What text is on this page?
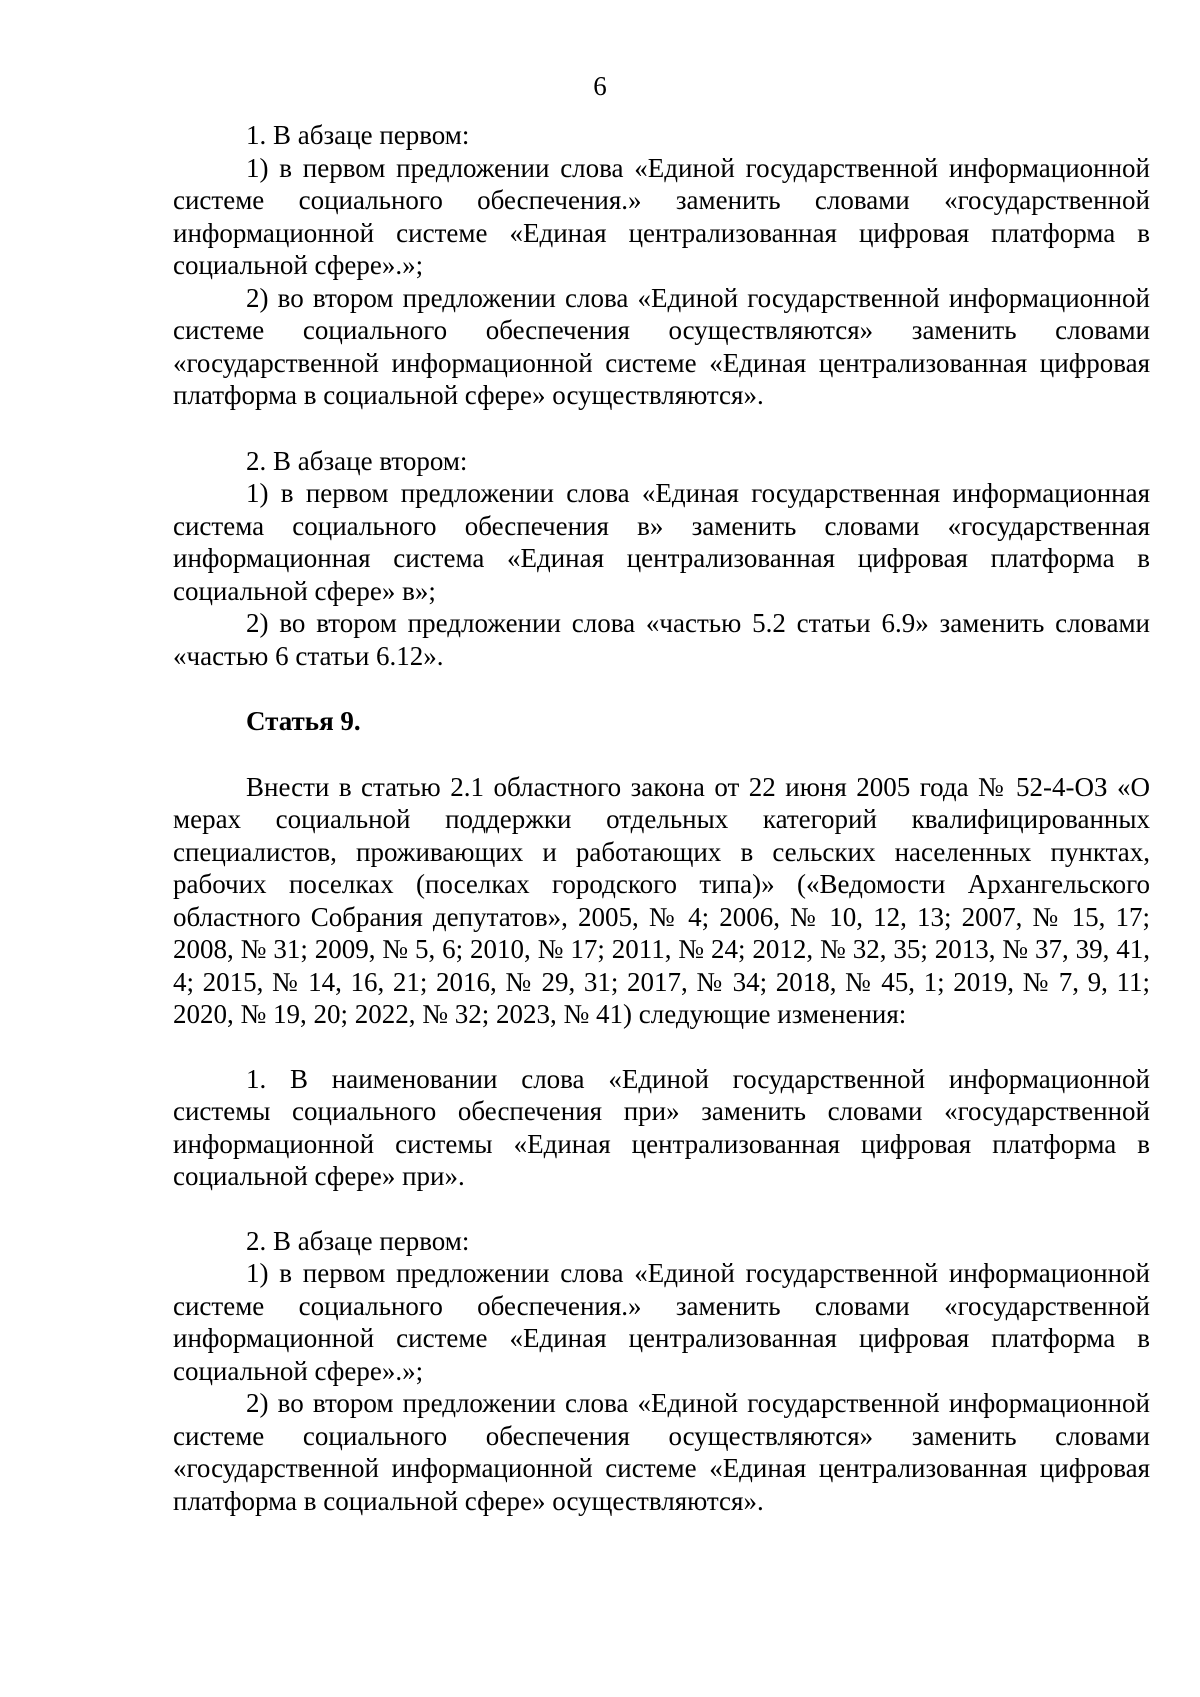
6

1. В абзаце первом:

1) в первом предложении слова «Единой государственной информационной системе социального обеспечения.» заменить словами «государственной информационной системе «Единая централизованная цифровая платформа в социальной сфере».»;

2) во втором предложении слова «Единой государственной информационной системе социального обеспечения осуществляются» заменить словами «государственной информационной системе «Единая централизованная цифровая платформа в социальной сфере» осуществляются».

2. В абзаце втором:

1) в первом предложении слова «Единая государственная информационная система социального обеспечения в» заменить словами «государственная информационная система «Единая централизованная цифровая платформа в социальной сфере» в»;

2) во втором предложении слова «частью 5.2 статьи 6.9» заменить словами «частью 6 статьи 6.12».

Статья 9.

Внести в статью 2.1 областного закона от 22 июня 2005 года № 52-4-ОЗ «О мерах социальной поддержки отдельных категорий квалифицированных специалистов, проживающих и работающих в сельских населенных пунктах, рабочих поселках (поселках городского типа)» («Ведомости Архангельского областного Собрания депутатов», 2005, № 4; 2006, № 10, 12, 13; 2007, № 15, 17; 2008, № 31; 2009, № 5, 6; 2010, № 17; 2011, № 24; 2012, № 32, 35; 2013, № 37, 39, 41, 4; 2015, № 14, 16, 21; 2016, № 29, 31; 2017, № 34; 2018, № 45, 1; 2019, № 7, 9, 11; 2020, № 19, 20; 2022, № 32; 2023, № 41) следующие изменения:

1. В наименовании слова «Единой государственной информационной системы социального обеспечения при» заменить словами «государственной информационной системы «Единая централизованная цифровая платформа в социальной сфере» при».

2. В абзаце первом:

1) в первом предложении слова «Единой государственной информационной системе социального обеспечения.» заменить словами «государственной информационной системе «Единая централизованная цифровая платформа в социальной сфере».»;

2) во втором предложении слова «Единой государственной информационной системе социального обеспечения осуществляются» заменить словами «государственной информационной системе «Единая централизованная цифровая платформа в социальной сфере» осуществляются».
